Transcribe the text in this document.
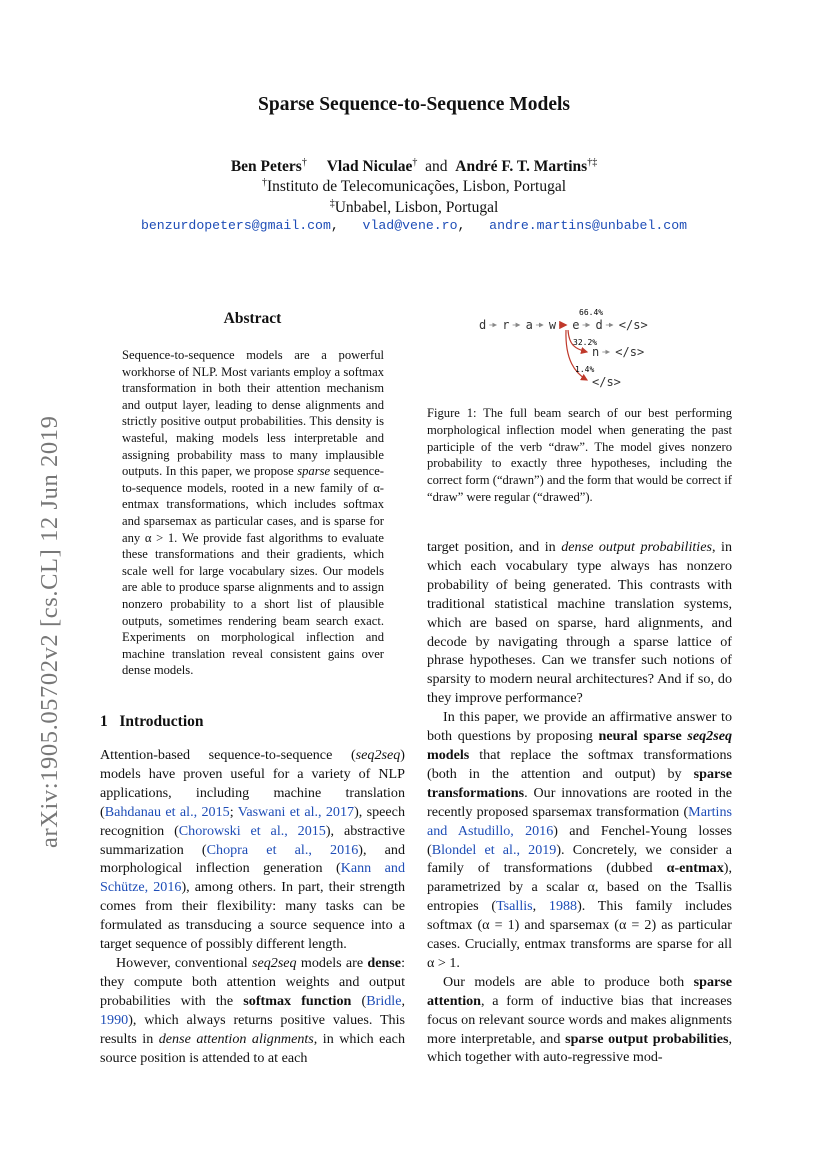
Sparse Sequence-to-Sequence Models
Ben Peters† Vlad Niculae† and André F. T. Martins†‡
†Instituto de Telecomunicações, Lisbon, Portugal
‡Unbabel, Lisbon, Portugal
benzurdopeters@gmail.com,   vlad@vene.ro,   andre.martins@unbabel.com
arXiv:1905.05702v2 [cs.CL] 12 Jun 2019
Abstract
Sequence-to-sequence models are a powerful workhorse of NLP. Most variants employ a softmax transformation in both their attention mechanism and output layer, leading to dense alignments and strictly positive output probabilities. This density is wasteful, making models less interpretable and assigning probability mass to many implausible outputs. In this paper, we propose sparse sequence-to-sequence models, rooted in a new family of α-entmax transformations, which includes softmax and sparsemax as particular cases, and is sparse for any α > 1. We provide fast algorithms to evaluate these transformations and their gradients, which scale well for large vocabulary sizes. Our models are able to produce sparse alignments and to assign nonzero probability to a short list of plausible outputs, sometimes rendering beam search exact. Experiments on morphological inflection and machine translation reveal consistent gains over dense models.
1 Introduction

Attention-based sequence-to-sequence (seq2seq) models have proven useful for a variety of NLP applications, including machine translation (Bahdanau et al., 2015; Vaswani et al., 2017), speech recognition (Chorowski et al., 2015), abstractive summarization (Chopra et al., 2016), and morphological inflection generation (Kann and Schütze, 2016), among others. In part, their strength comes from their flexibility: many tasks can be formulated as transducing a source sequence into a target sequence of possibly different length.

However, conventional seq2seq models are dense: they compute both attention weights and output probabilities with the softmax function (Bridle, 1990), which always returns positive values. This results in dense attention alignments, in which each source position is attended to at each

d r a w e d </s>
n </s>
</s>
66.4%
32.2%
1.4%
Figure 1: The full beam search of our best performing morphological inflection model when generating the past participle of the verb “draw”. The model gives nonzero probability to exactly three hypotheses, including the correct form (“drawn”) and the form that would be correct if “draw” were regular (“drawed”).

target position, and in dense output probabilities, in which each vocabulary type always has nonzero probability of being generated. This contrasts with traditional statistical machine translation systems, which are based on sparse, hard alignments, and decode by navigating through a sparse lattice of phrase hypotheses. Can we transfer such notions of sparsity to modern neural architectures? And if so, do they improve performance?

In this paper, we provide an affirmative answer to both questions by proposing neural sparse seq2seq models that replace the softmax transformations (both in the attention and output) by sparse transformations. Our innovations are rooted in the recently proposed sparsemax transformation (Martins and Astudillo, 2016) and Fenchel-Young losses (Blondel et al., 2019). Concretely, we consider a family of transformations (dubbed α-entmax), parametrized by a scalar α, based on the Tsallis entropies (Tsallis, 1988). This family includes softmax (α = 1) and sparsemax (α = 2) as particular cases. Crucially, entmax transforms are sparse for all α > 1.

Our models are able to produce both sparse attention, a form of inductive bias that increases focus on relevant source words and makes alignments more interpretable, and sparse output probabilities, which together with auto-regressive mod-
